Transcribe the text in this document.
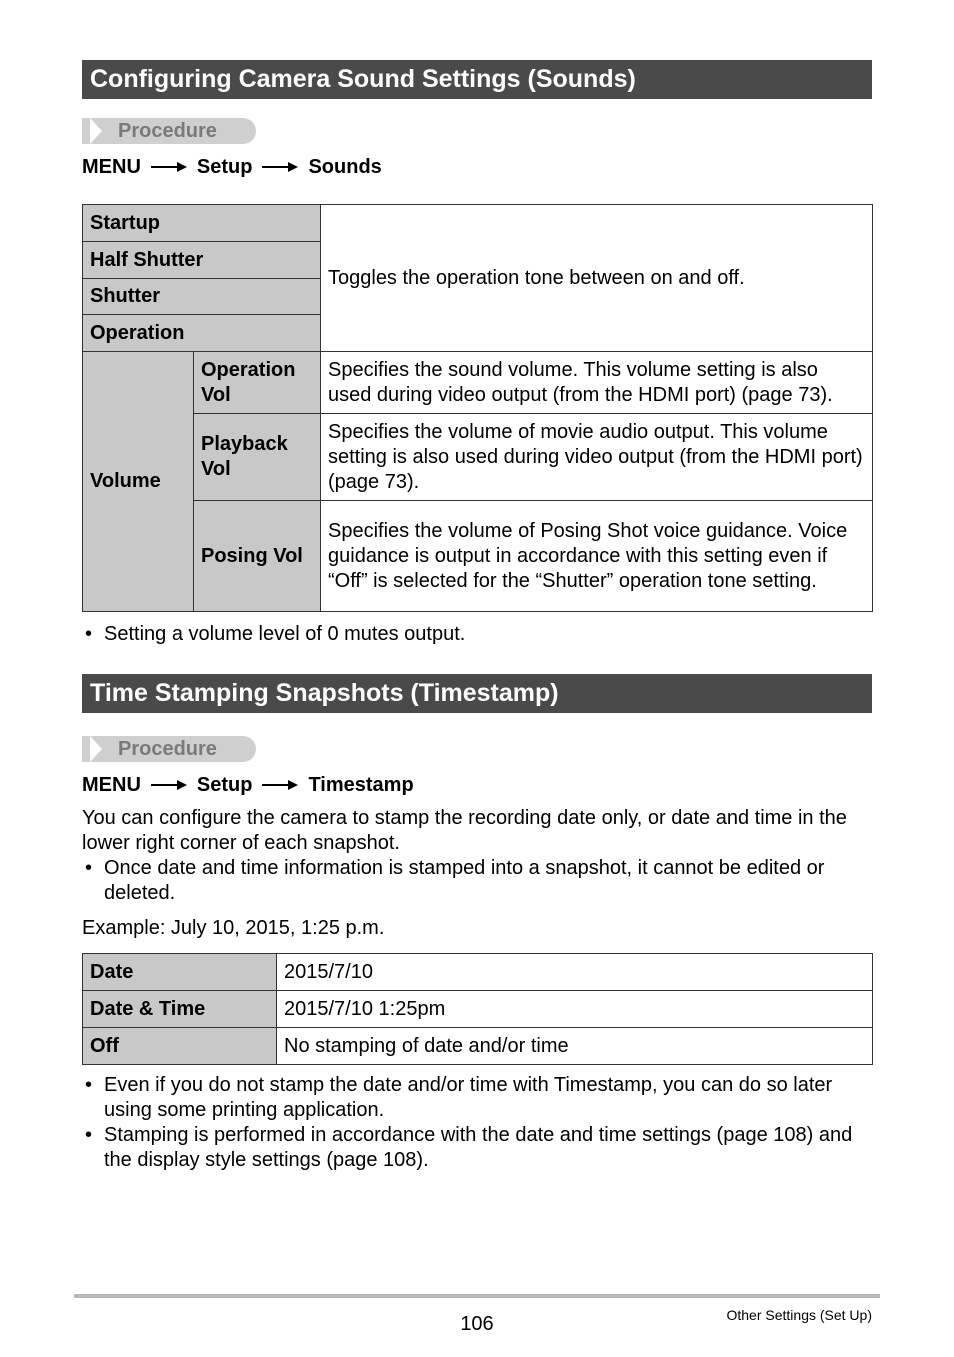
Configuring Camera Sound Settings (Sounds)
Procedure
MENU	Setup	Sounds
Startup		Toggles the operation tone between on and off.
Half Shutter		
Shutter		
Operation		
Volume	Operation Vol	Specifies the sound volume. This volume setting is also used during video output (from the HDMI port) (page 73).
	Playback Vol	Specifies the volume of movie audio output. This volume setting is also used during video output (from the HDMI port) (page 73).
	Posing Vol	Specifies the volume of Posing Shot voice guidance. Voice guidance is output in accordance with this setting even if “Off” is selected for the “Shutter” operation tone setting.
• Setting a volume level of 0 mutes output.
Time Stamping Snapshots (Timestamp)
Procedure
MENU	Setup	Timestamp
You can configure the camera to stamp the recording date only, or date and time in the lower right corner of each snapshot.
• Once date and time information is stamped into a snapshot, it cannot be edited or deleted.
Example: July 10, 2015, 1:25 p.m.
Date	2015/7/10
Date & Time	2015/7/10 1:25pm
Off	No stamping of date and/or time
• Even if you do not stamp the date and/or time with Timestamp, you can do so later using some printing application.
• Stamping is performed in accordance with the date and time settings (page 108) and the display style settings (page 108).
106	Other Settings (Set Up)
